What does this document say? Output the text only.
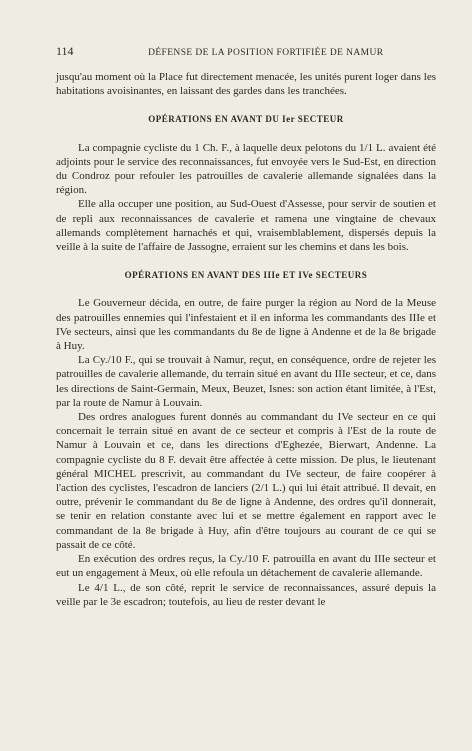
114	DÉFENSE DE LA POSITION FORTIFIÉE DE NAMUR

jusqu'au moment où la Place fut directement menacée, les unités purent loger dans les habitations avoisinantes, en laissant des gardes dans les tranchées.

OPÉRATIONS EN AVANT DU Ier SECTEUR

La compagnie cycliste du 1 Ch. F., à laquelle deux pelotons du 1/1 L. avaient été adjoints pour le service des reconnaissances, fut envoyée vers le Sud-Est, en direction du Condroz pour refouler les patrouilles de cavalerie allemande signalées dans la région.

Elle alla occuper une position, au Sud-Ouest d'Assesse, pour servir de soutien et de repli aux reconnaissances de cavalerie et ramena une vingtaine de chevaux allemands complètement harnachés et qui, vraisemblablement, dispersés depuis la veille à la suite de l'affaire de Jassogne, erraient sur les chemins et dans les bois.

OPÉRATIONS EN AVANT DES IIIe ET IVe SECTEURS

Le Gouverneur décida, en outre, de faire purger la région au Nord de la Meuse des patrouilles ennemies qui l'infestaient et il en informa les commandants des IIIe et IVe secteurs, ainsi que les commandants du 8e de ligne à Andenne et de la 8e brigade à Huy.

La Cy./10 F., qui se trouvait à Namur, reçut, en conséquence, ordre de rejeter les patrouilles de cavalerie allemande, du terrain situé en avant du IIIe secteur, et ce, dans les directions de Saint-Germain, Meux, Beuzet, Isnes: son action étant limitée, à l'Est, par la route de Namur à Louvain.

Des ordres analogues furent donnés au commandant du IVe secteur en ce qui concernait le terrain situé en avant de ce secteur et compris à l'Est de la route de Namur à Louvain et ce, dans les directions d'Eghezée, Bierwart, Andenne. La compagnie cycliste du 8 F. devait être affectée à cette mission. De plus, le lieutenant général MICHEL prescrivit, au commandant du IVe secteur, de faire coopérer à l'action des cyclistes, l'escadron de lanciers (2/1 L.) qui lui était attribué. Il devait, en outre, prévenir le commandant du 8e de ligne à Andenne, des ordres qu'il donnerait, se tenir en relation constante avec lui et se mettre également en rapport avec le commandant de la 8e brigade à Huy, afin d'être toujours au courant de ce qui se passait de ce côté.

En exécution des ordres reçus, la Cy./10 F. patrouilla en avant du IIIe secteur et eut un engagement à Meux, où elle refoula un détachement de cavalerie allemande.

Le 4/1 L., de son côté, reprit le service de reconnaissances, assuré depuis la veille par le 3e escadron; toutefois, au lieu de rester devant le
